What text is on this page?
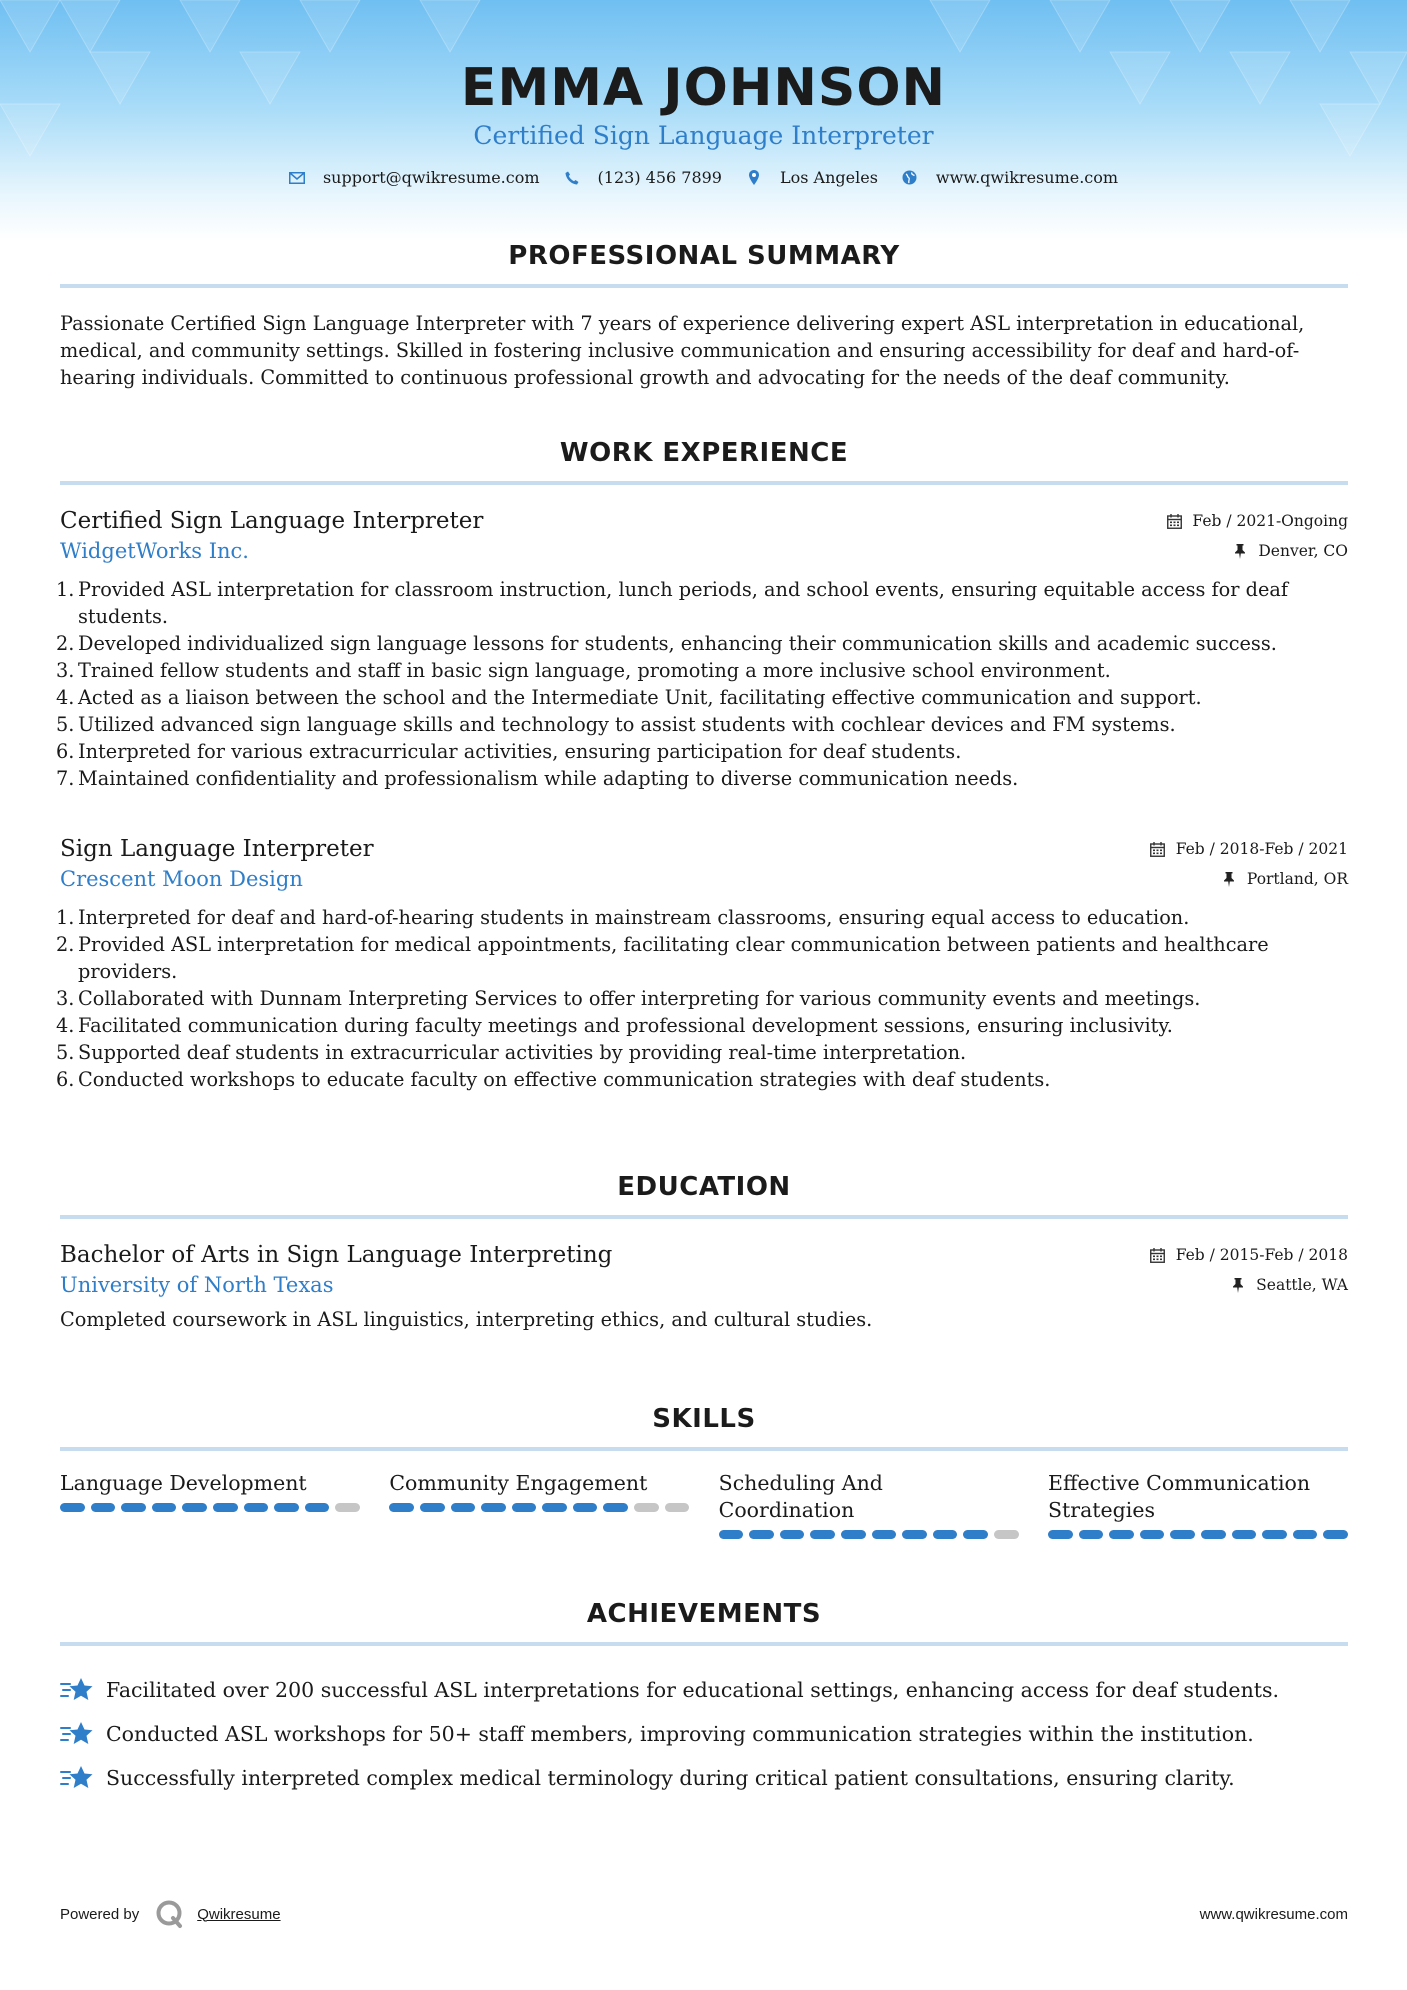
EMMA JOHNSON
Certified Sign Language Interpreter
support@qwikresume.com	(123) 456 7899	Los Angeles	www.qwikresume.com
PROFESSIONAL SUMMARY
Passionate Certified Sign Language Interpreter with 7 years of experience delivering expert ASL interpretation in educational, medical, and community settings. Skilled in fostering inclusive communication and ensuring accessibility for deaf and hard-of-hearing individuals. Committed to continuous professional growth and advocating for the needs of the deaf community.
WORK EXPERIENCE
Certified Sign Language Interpreter	Feb / 2021-Ongoing
WidgetWorks Inc.	Denver, CO
1. Provided ASL interpretation for classroom instruction, lunch periods, and school events, ensuring equitable access for deaf students.
2. Developed individualized sign language lessons for students, enhancing their communication skills and academic success.
3. Trained fellow students and staff in basic sign language, promoting a more inclusive school environment.
4. Acted as a liaison between the school and the Intermediate Unit, facilitating effective communication and support.
5. Utilized advanced sign language skills and technology to assist students with cochlear devices and FM systems.
6. Interpreted for various extracurricular activities, ensuring participation for deaf students.
7. Maintained confidentiality and professionalism while adapting to diverse communication needs.
Sign Language Interpreter	Feb / 2018-Feb / 2021
Crescent Moon Design	Portland, OR
1. Interpreted for deaf and hard-of-hearing students in mainstream classrooms, ensuring equal access to education.
2. Provided ASL interpretation for medical appointments, facilitating clear communication between patients and healthcare providers.
3. Collaborated with Dunnam Interpreting Services to offer interpreting for various community events and meetings.
4. Facilitated communication during faculty meetings and professional development sessions, ensuring inclusivity.
5. Supported deaf students in extracurricular activities by providing real-time interpretation.
6. Conducted workshops to educate faculty on effective communication strategies with deaf students.
EDUCATION
Bachelor of Arts in Sign Language Interpreting	Feb / 2015-Feb / 2018
University of North Texas	Seattle, WA
Completed coursework in ASL linguistics, interpreting ethics, and cultural studies.
SKILLS
Language Development	Community Engagement	Scheduling And Coordination
Effective Communication Strategies
ACHIEVEMENTS
Facilitated over 200 successful ASL interpretations for educational settings, enhancing access for deaf students.
Conducted ASL workshops for 50+ staff members, improving communication strategies within the institution.
Successfully interpreted complex medical terminology during critical patient consultations, ensuring clarity.
Powered by	Qwikresume	www.qwikresume.com
